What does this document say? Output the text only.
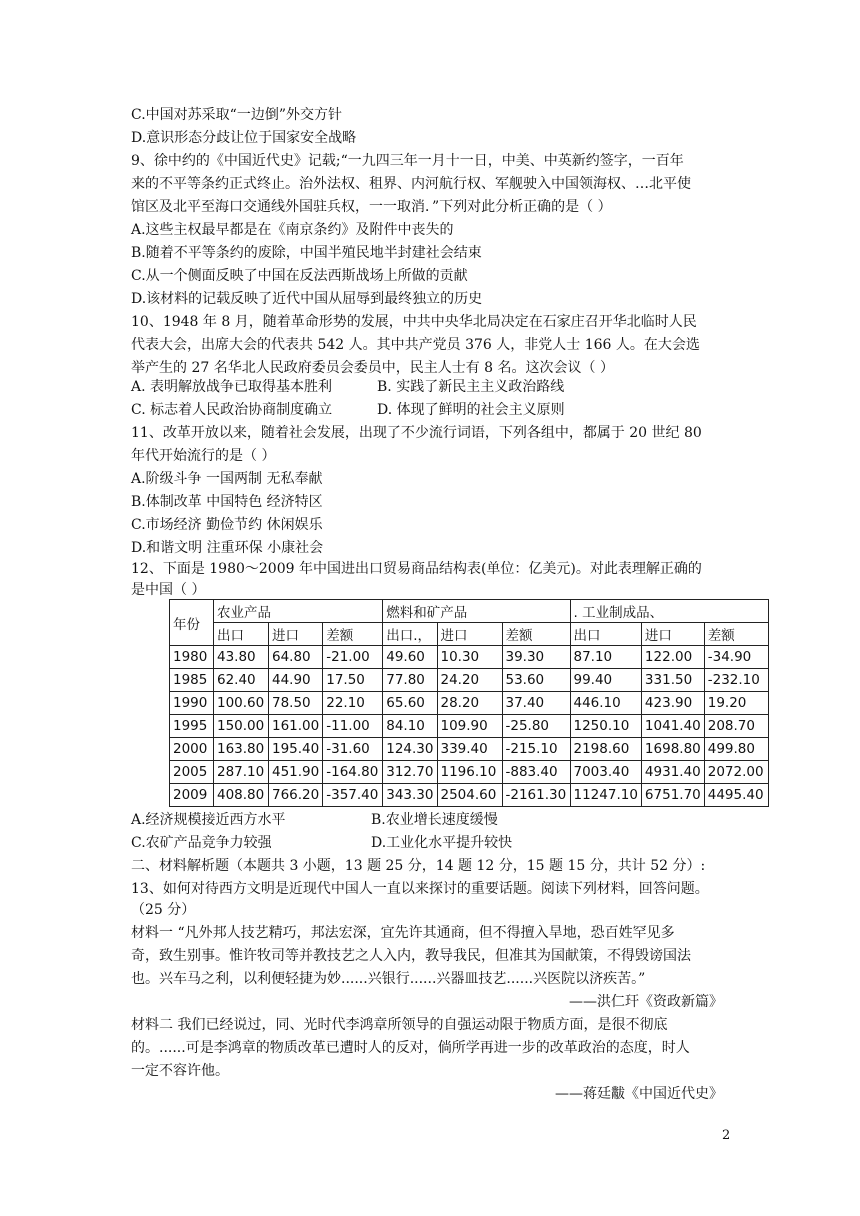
C.中国对苏采取“一边倒”外交方针
D.意识形态分歧让位于国家安全战略
9、徐中约的《中国近代史》记载;“一九四三年一月十一日，中美、中英新约签字，一百年
来的不平等条约正式终止。治外法权、租界、内河航行权、军舰驶入中国领海权、…北平使
馆区及北平至海口交通线外国驻兵权，一一取消．”下列对此分析正确的是（ ）
A.这些主权最早都是在《南京条约》及附件中丧失的
B.随着不平等条约的废除，中国半殖民地半封建社会结束
C.从一个侧面反映了中国在反法西斯战场上所做的贡献
D.该材料的记载反映了近代中国从屈辱到最终独立的历史
10、1948 年 8 月，随着革命形势的发展，中共中央华北局决定在石家庄召开华北临时人民
代表大会，出席大会的代表共 542 人。其中共产党员 376 人，非党人士 166 人。在大会选
举产生的 27 名华北人民政府委员会委员中，民主人士有 8 名。这次会议（ ）
A. 表明解放战争已取得基本胜利	B. 实践了新民主主义政治路线
C. 标志着人民政治协商制度确立	D. 体现了鲜明的社会主义原则
11、改革开放以来，随着社会发展，出现了不少流行词语，下列各组中，都属于 20 世纪 80
年代开始流行的是（ ）
A.阶级斗争 一国两制 无私奉献
B.体制改革 中国特色 经济特区
C.市场经济 勤俭节约 休闲娱乐
D.和谐文明 注重环保 小康社会
12、下面是 1980〜2009 年中国进出口贸易商品结构表(单位：亿美元)。对此表理解正确的
是中国（ ）
年份	农业产品			燃料和矿产品			. 工业制成品、		
	出口	进口	差额	出口.，	进口	差额	出口	进口	差额
1980	43.80	64.80	-21.00	49.60	10.30	39.30	87.10	122.00	-34.90
1985	62.40	44.90	17.50	77.80	24.20	53.60	99.40	331.50	-232.10
1990	100.60	78.50	22.10	65.60	28.20	37.40	446.10	423.90	19.20
1995	150.00	161.00	-11.00	84.10	109.90	-25.80	1250.10	1041.40	208.70
2000	163.80	195.40	-31.60	124.30	339.40	-215.10	2198.60	1698.80	499.80
2005	287.10	451.90	-164.80	312.70	1196.10	-883.40	7003.40	4931.40	2072.00
2009	408.80	766.20	-357.40	343.30	2504.60	-2161.30	11247.10	6751.70	4495.40
A.经济规模接近西方水平	B.农业增长速度缓慢
C.农矿产品竞争力较强	D.工业化水平提升较快
二、材料解析题（本题共 3 小题，13 题 25 分，14 题 12 分，15 题 15 分，共计 52 分）:
13、如何对待西方文明是近现代中国人一直以来探讨的重要话题。阅读下列材料，回答问题。
（25 分）
材料一 “凡外邦人技艺精巧，邦法宏深，宜先许其通商，但不得擅入旱地，恐百姓罕见多
奇，致生别事。惟许牧司等并教技艺之人入内，教导我民，但准其为国献策，不得毁谤国法
也。兴车马之利，以利便轻捷为妙......兴银行......兴器皿技艺......兴医院以济疾苦。”
——洪仁玕《资政新篇》
材料二 我们已经说过，同、光时代李鸿章所领导的自强运动限于物质方面，是很不彻底
的。......可是李鸿章的物质改革已遭时人的反对，倘所学再进一步的改革政治的态度，时人
一定不容许他。
——蒋廷黻《中国近代史》
2
